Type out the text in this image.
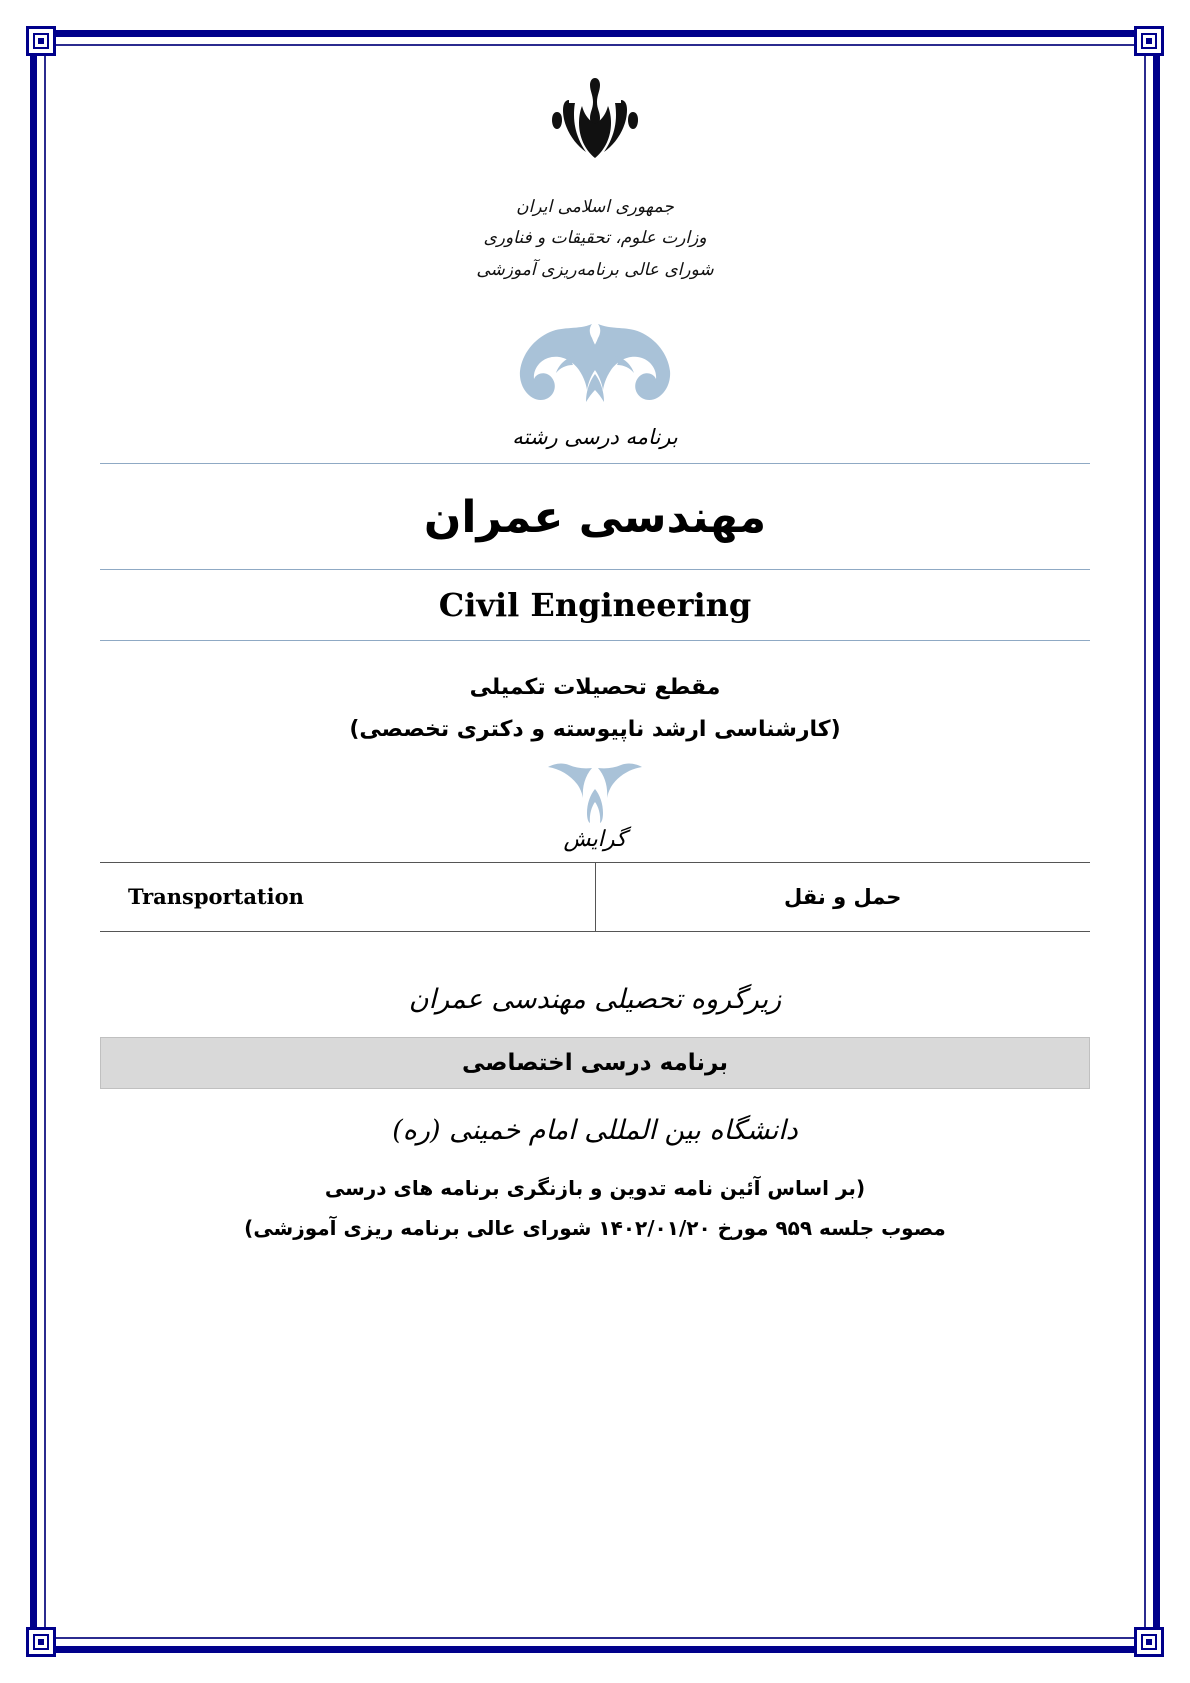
جمهوری اسلامی ایران
وزارت علوم، تحقیقات و فناوری
شورای عالی برنامه‌ریزی آموزشی
برنامه درسی رشته
مهندسی عمران
Civil Engineering
مقطع تحصیلات تکمیلی
(کارشناسی ارشد ناپیوسته و دکتری تخصصی)
گرایش
حمل و نقل	
Transportation
زیرگروه تحصیلی مهندسی عمران
برنامه درسی اختصاصی
دانشگاه بین المللی امام خمینی (ره)
(بر اساس آئین نامه تدوین و بازنگری برنامه های درسی
مصوب جلسه ۹۵۹ مورخ ۱۴۰۲/۰۱/۲۰ شورای عالی برنامه ریزی آموزشی)
